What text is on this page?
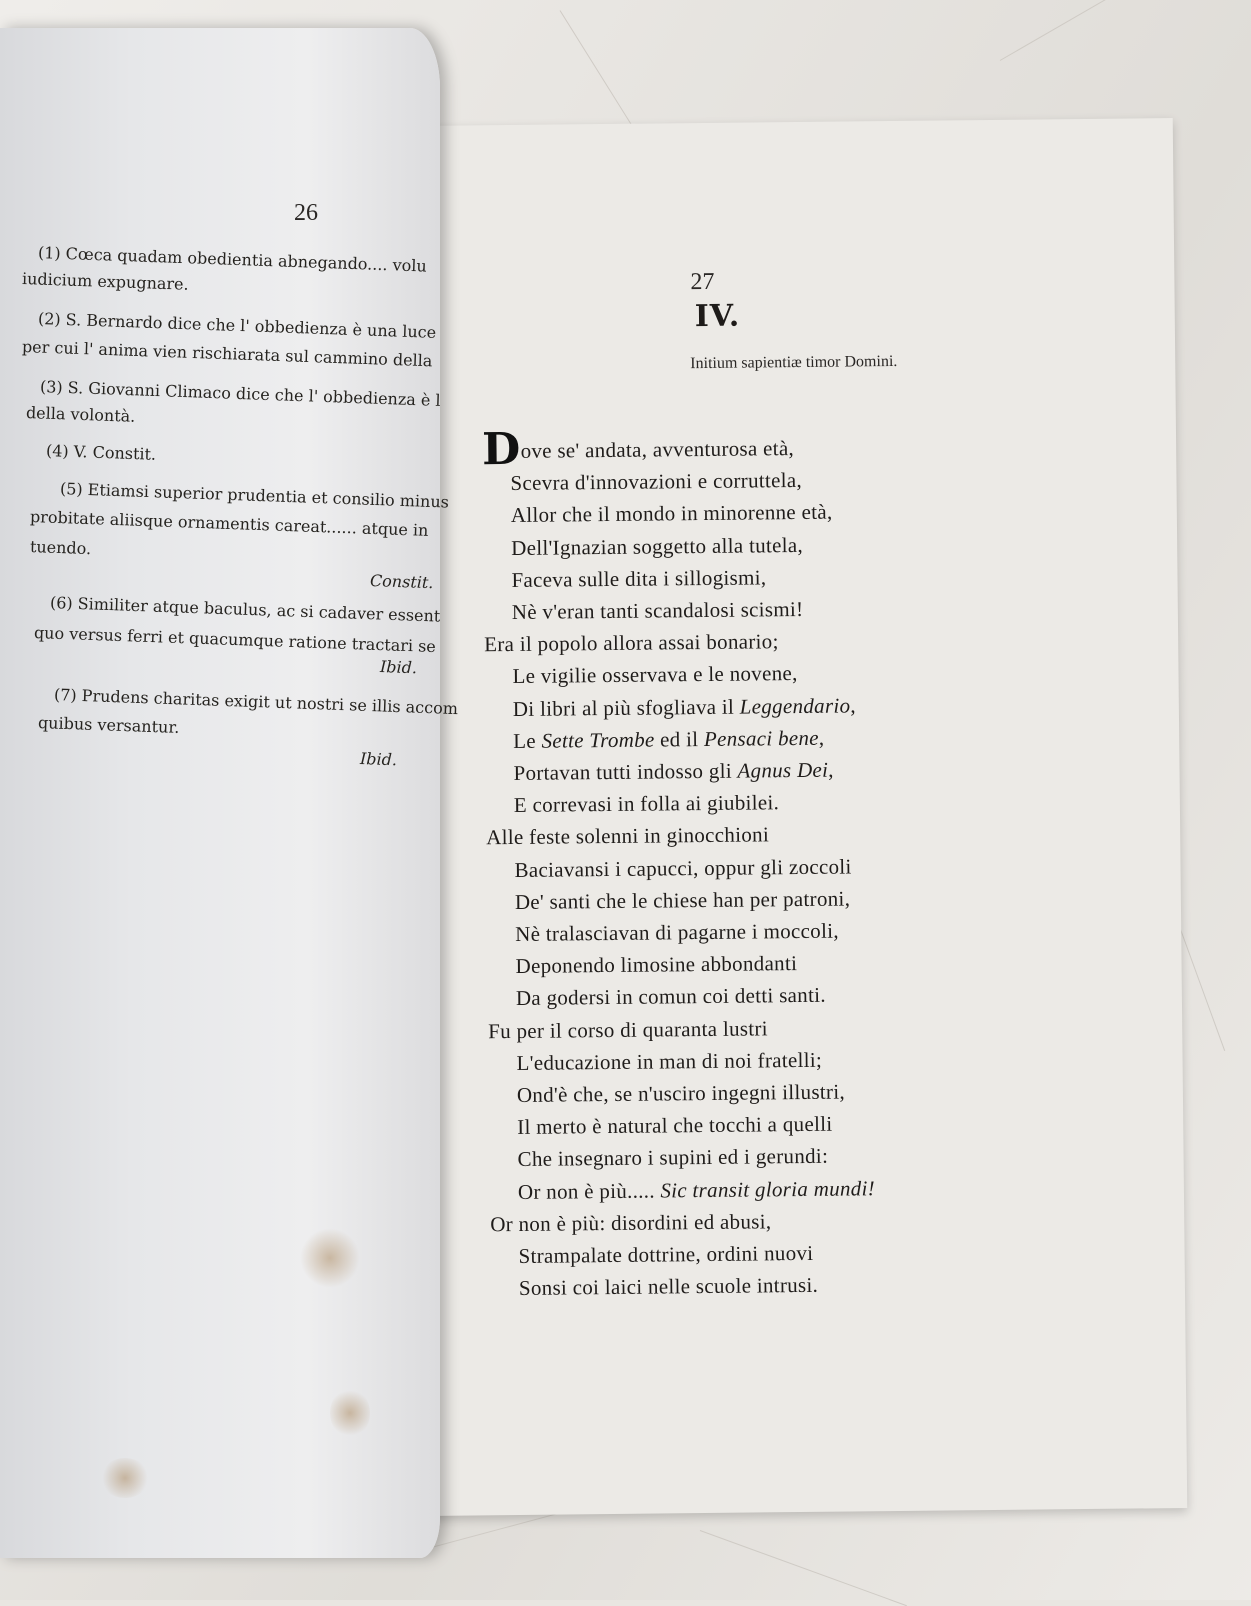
27
IV.
Initium sapientiæ timor Domini.
Dove se' andata, avventurosa età,
Scevra d'innovazioni e corruttela,
Allor che il mondo in minorenne età,
Dell'Ignazian soggetto alla tutela,
Faceva sulle dita i sillogismi,
Nè v'eran tanti scandalosi scismi!
Era il popolo allora assai bonario;
Le vigilie osservava e le novene,
Di libri al più sfogliava il Leggendario,
Le Sette Trombe ed il Pensaci bene,
Portavan tutti indosso gli Agnus Dei,
E correvasi in folla ai giubilei.
Alle feste solenni in ginocchioni
Baciavansi i capucci, oppur gli zoccoli
De' santi che le chiese han per patroni,
Nè tralasciavan di pagarne i moccoli,
Deponendo limosine abbondanti
Da godersi in comun coi detti santi.
Fu per il corso di quaranta lustri
L'educazione in man di noi fratelli;
Ond'è che, se n'usciro ingegni illustri,
Il merto è natural che tocchi a quelli
Che insegnaro i supini ed i gerundi:
Or non è più..... Sic transit gloria mundi!
Or non è più: disordini ed abusi,
Strampalate dottrine, ordini nuovi
Sonsi coi laici nelle scuole intrusi.
26
(1) Cœca quadam obedientia abnegando.... volu
iudicium expugnare.
(2) S. Bernardo dice che l' obbedienza è una luce
per cui l' anima vien rischiarata sul cammino della
(3) S. Giovanni Climaco dice che l' obbedienza è l
della volontà.
(4) V. Constit.
(5) Etiamsi superior prudentia et consilio minus
probitate aliisque ornamentis careat...... atque in
tuendo.
Constit.
(6) Similiter atque baculus, ac si cadaver essent
quo versus ferri et quacumque ratione tractari se
Ibid.
(7) Prudens charitas exigit ut nostri se illis accom
quibus versantur.
Ibid.
